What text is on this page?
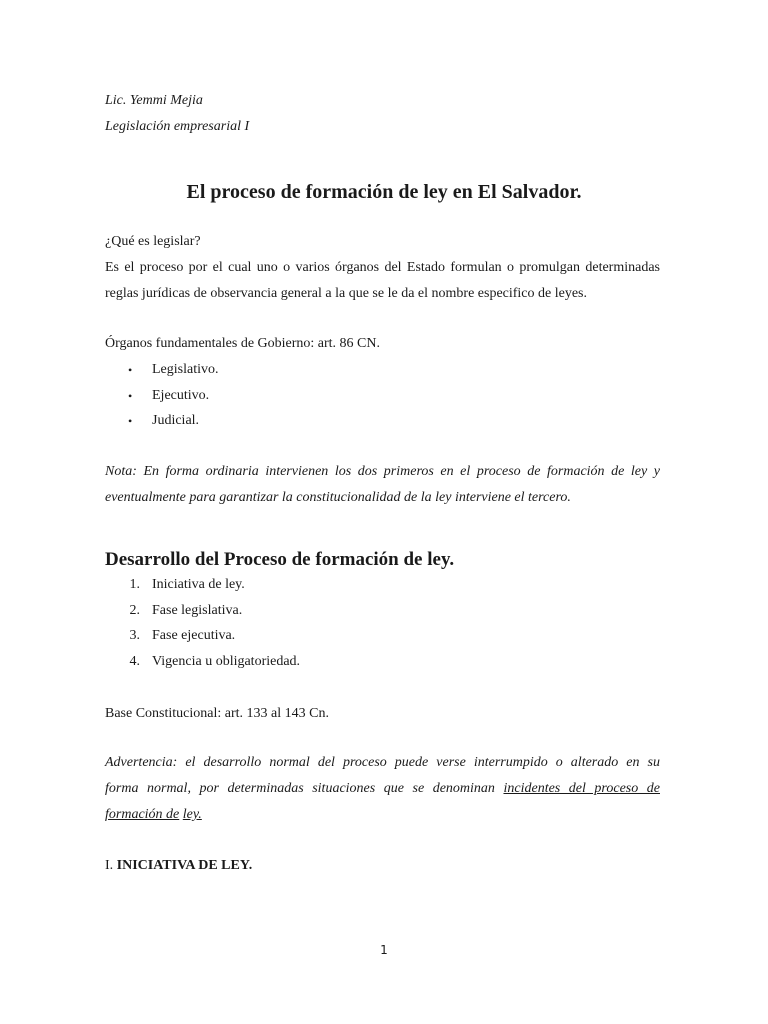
Lic. Yemmi Mejia
Legislación empresarial I
El proceso de formación de ley en El Salvador.
¿Qué es legislar?
Es el proceso por el cual uno o varios órganos del Estado formulan o promulgan determinadas
reglas jurídicas de observancia general a la que se le da el nombre especifico de leyes.
Órganos fundamentales de Gobierno: art. 86 CN.
• Legislativo.
• Ejecutivo.
• Judicial.
Nota: En forma ordinaria intervienen los dos primeros en el proceso de formación de ley y
eventualmente para garantizar la constitucionalidad de la ley interviene el tercero.
Desarrollo del Proceso de formación de ley.
1. Iniciativa de ley.
2. Fase legislativa.
3. Fase ejecutiva.
4. Vigencia u obligatoriedad.
Base Constitucional: art. 133 al 143 Cn.
Advertencia: el desarrollo normal del proceso puede verse interrumpido o alterado en su
forma normal, por determinadas situaciones que se denominan incidentes del proceso de
formación de ley.
I. INICIATIVA DE LEY.
1
